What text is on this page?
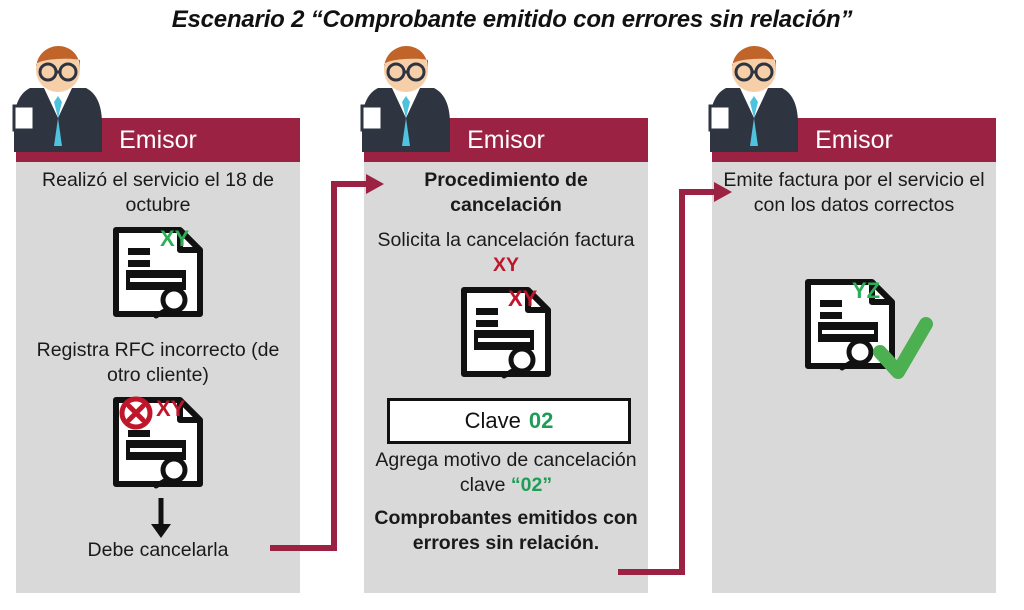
Escenario 2 “Comprobante emitido con errores sin relación”
Emisor
Realizó el servicio el 18 de octubre
XY
Registra RFC incorrecto (de otro cliente)
XY
Debe cancelarla
Emisor
Procedimiento de cancelación
Solicita la cancelación factura XY
XY
Agrega motivo de cancelación clave “02”
Comprobantes emitidos con errores sin relación.
Clave 02
Emisor
Emite factura por el servicio el con los datos correctos
YZ
